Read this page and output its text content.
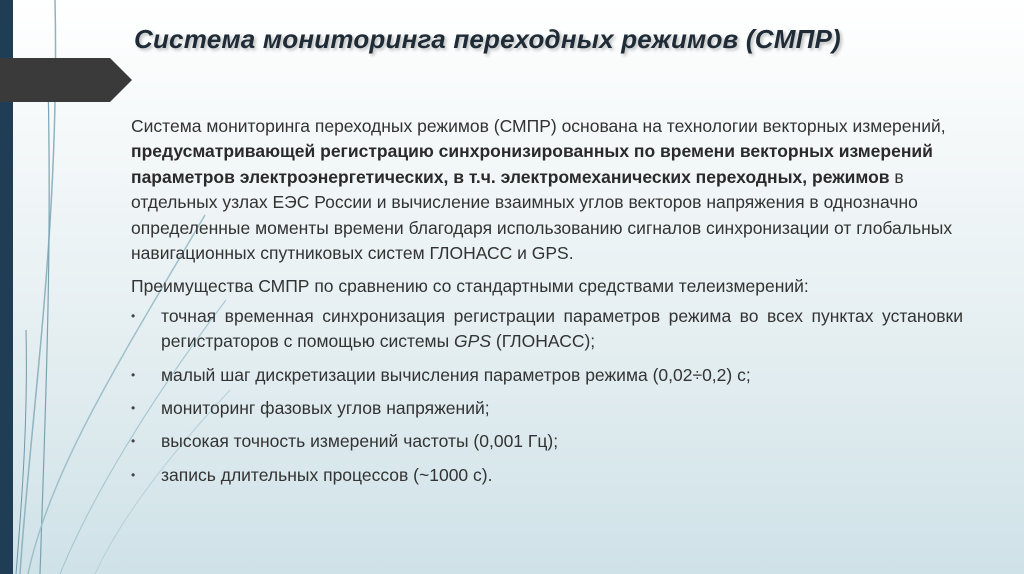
Система мониторинга переходных режимов (СМПР)

Система мониторинга переходных режимов (СМПР) основана на технологии векторных измерений, предусматривающей регистрацию синхронизированных по времени векторных измерений параметров электроэнергетических, в т.ч. электромеханических переходных, режимов в отдельных узлах ЕЭС России и вычисление взаимных углов векторов напряжения в однозначно определенные моменты времени благодаря использованию сигналов синхронизации от глобальных навигационных спутниковых систем ГЛОНАСС и GPS.

Преимущества СМПР по сравнению со стандартными средствами телеизмерений:

• точная временная синхронизация регистрации параметров режима во всех пунктах установки регистраторов с помощью системы GPS (ГЛОНАСС);
• малый шаг дискретизации вычисления параметров режима (0,02÷0,2) с;
• мониторинг фазовых углов напряжений;
• высокая точность измерений частоты (0,001 Гц);
• запись длительных процессов (~1000 с).
